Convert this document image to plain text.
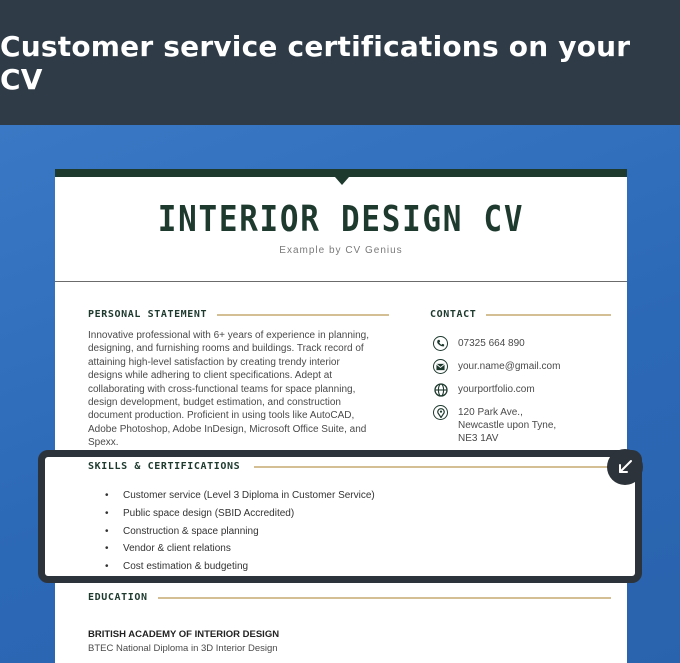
Customer service certifications on your CV
INTERIOR DESIGN CV
Example by CV Genius
PERSONAL STATEMENT

Innovative professional with 6+ years of experience in planning, designing, and furnishing rooms and buildings. Track record of attaining high-level satisfaction by creating trendy interior designs while adhering to client specifications. Adept at collaborating with cross-functional teams for space planning, design development, budget estimation, and construction document production. Proficient in using tools like AutoCAD, Adobe Photoshop, Adobe InDesign, Microsoft Office Suite, and Spexx.

CONTACT
07325 664 890
your.name@gmail.com
yourportfolio.com
120 Park Ave.,
Newcastle upon Tyne,
NE3 1AV
EDUCATION
BRITISH ACADEMY OF INTERIOR DESIGN
BTEC National Diploma in 3D Interior Design
SKILLS & CERTIFICATIONS
• Customer service (Level 3 Diploma in Customer Service)
• Public space design (SBID Accredited)
• Construction & space planning
• Vendor & client relations
• Cost estimation & budgeting
